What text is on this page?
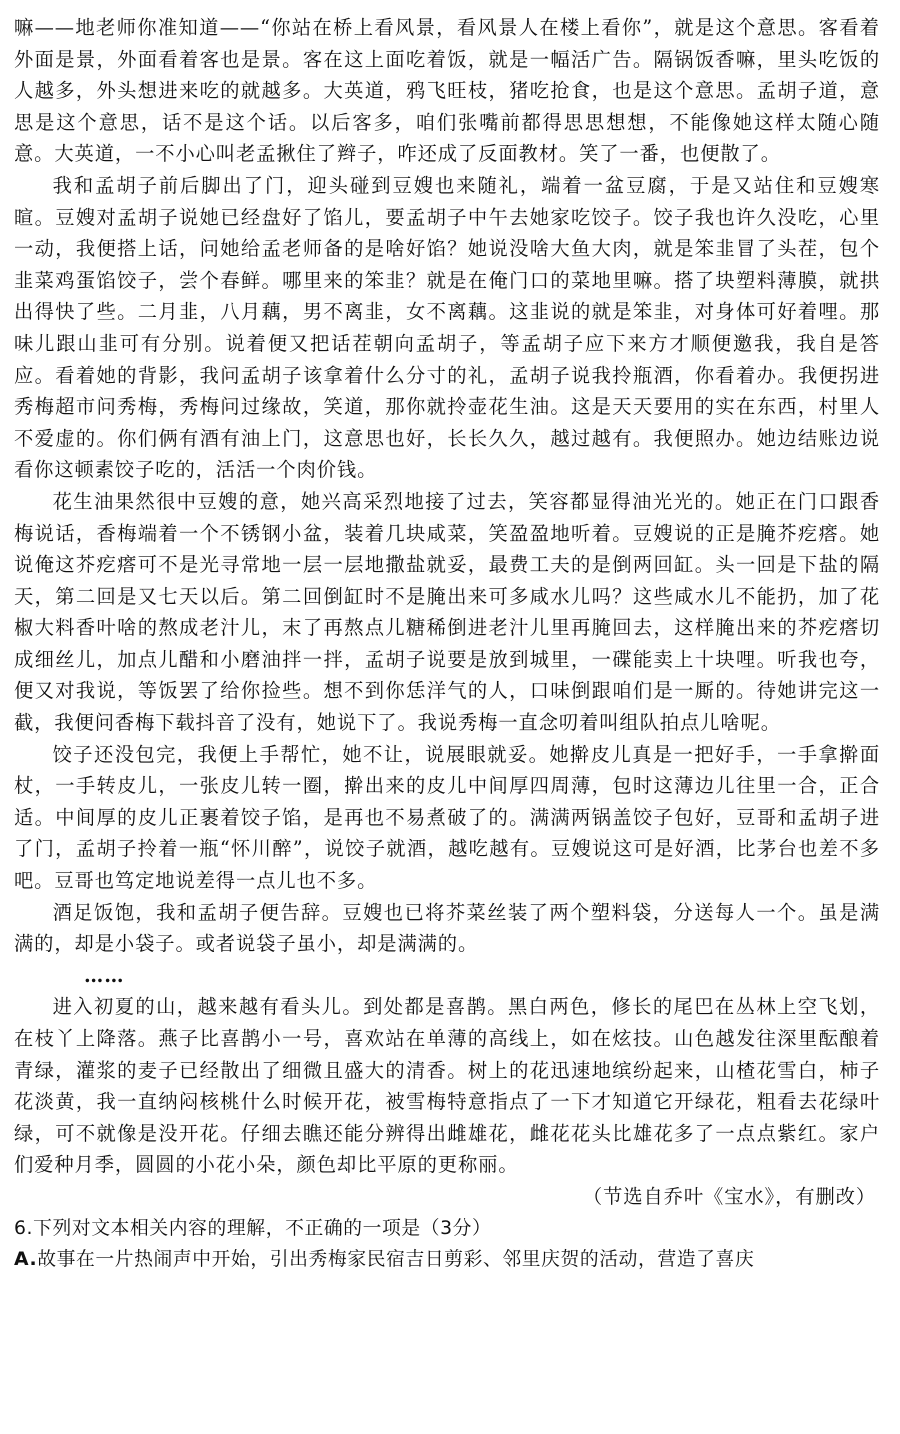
嘛——地老师你准知道——“你站在桥上看风景，看风景人在楼上看你”，就是这个意思。客看着外面是景，外面看着客也是景。客在这上面吃着饭，就是一幅活广告。隔锅饭香嘛，里头吃饭的人越多，外头想进来吃的就越多。大英道，鸦飞旺枝，猪吃抢食，也是这个意思。孟胡子道，意思是这个意思，话不是这个话。以后客多，咱们张嘴前都得思思想想，不能像她这样太随心随意。大英道，一不小心叫老孟揪住了辫子，咋还成了反面教材。笑了一番，也便散了。

我和孟胡子前后脚出了门，迎头碰到豆嫂也来随礼，端着一盆豆腐，于是又站住和豆嫂寒暄。豆嫂对孟胡子说她已经盘好了馅儿，要孟胡子中午去她家吃饺子。饺子我也许久没吃，心里一动，我便搭上话，问她给孟老师备的是啥好馅？她说没啥大鱼大肉，就是笨韭冒了头茬，包个韭菜鸡蛋馅饺子，尝个春鲜。哪里来的笨韭？就是在俺门口的菜地里嘛。搭了块塑料薄膜，就拱出得快了些。二月韭，八月藕，男不离韭，女不离藕。这韭说的就是笨韭，对身体可好着哩。那味儿跟山韭可有分别。说着便又把话茬朝向孟胡子，等孟胡子应下来方才顺便邀我，我自是答应。看着她的背影，我问孟胡子该拿着什么分寸的礼，孟胡子说我拎瓶酒，你看着办。我便拐进秀梅超市问秀梅，秀梅问过缘故，笑道，那你就拎壶花生油。这是天天要用的实在东西，村里人不爱虚的。你们俩有酒有油上门，这意思也好，长长久久，越过越有。我便照办。她边结账边说看你这顿素饺子吃的，活活一个肉价钱。

花生油果然很中豆嫂的意，她兴高采烈地接了过去，笑容都显得油光光的。她正在门口跟香梅说话，香梅端着一个不锈钢小盆，装着几块咸菜，笑盈盈地听着。豆嫂说的正是腌芥疙瘩。她说俺这芥疙瘩可不是光寻常地一层一层地撒盐就妥，最费工夫的是倒两回缸。头一回是下盐的隔天，第二回是又七天以后。第二回倒缸时不是腌出来可多咸水儿吗？这些咸水儿不能扔，加了花椒大料香叶啥的熬成老汁儿，末了再熬点儿糖稀倒进老汁儿里再腌回去，这样腌出来的芥疙瘩切成细丝儿，加点儿醋和小磨油拌一拌，孟胡子说要是放到城里，一碟能卖上十块哩。听我也夸，便又对我说，等饭罢了给你捡些。想不到你恁洋气的人，口味倒跟咱们是一厮的。待她讲完这一截，我便问香梅下载抖音了没有，她说下了。我说秀梅一直念叨着叫组队拍点儿啥呢。

饺子还没包完，我便上手帮忙，她不让，说展眼就妥。她擀皮儿真是一把好手，一手拿擀面杖，一手转皮儿，一张皮儿转一圈，擀出来的皮儿中间厚四周薄，包时这薄边儿往里一合，正合适。中间厚的皮儿正裹着饺子馅，是再也不易煮破了的。满满两锅盖饺子包好，豆哥和孟胡子进了门，孟胡子拎着一瓶“怀川醉”，说饺子就酒，越吃越有。豆嫂说这可是好酒，比茅台也差不多吧。豆哥也笃定地说差得一点儿也不多。

酒足饭饱，我和孟胡子便告辞。豆嫂也已将芥菜丝装了两个塑料袋，分送每人一个。虽是满满的，却是小袋子。或者说袋子虽小，却是满满的。

……

进入初夏的山，越来越有看头儿。到处都是喜鹊。黑白两色，修长的尾巴在丛林上空飞划，在枝丫上降落。燕子比喜鹊小一号，喜欢站在单薄的高线上，如在炫技。山色越发往深里酝酿着青绿，灌浆的麦子已经散出了细微且盛大的清香。树上的花迅速地缤纷起来，山楂花雪白，柿子花淡黄，我一直纳闷核桃什么时候开花，被雪梅特意指点了一下才知道它开绿花，粗看去花绿叶绿，可不就像是没开花。仔细去瞧还能分辨得出雌雄花，雌花花头比雄花多了一点点紫红。家户们爱种月季，圆圆的小花小朵，颜色却比平原的更称丽。

（节选自乔叶《宝水》，有删改）

6.下列对文本相关内容的理解，不正确的一项是（3分）

A.故事在一片热闹声中开始，引出秀梅家民宿吉日剪彩、邻里庆贺的活动，营造了喜庆
